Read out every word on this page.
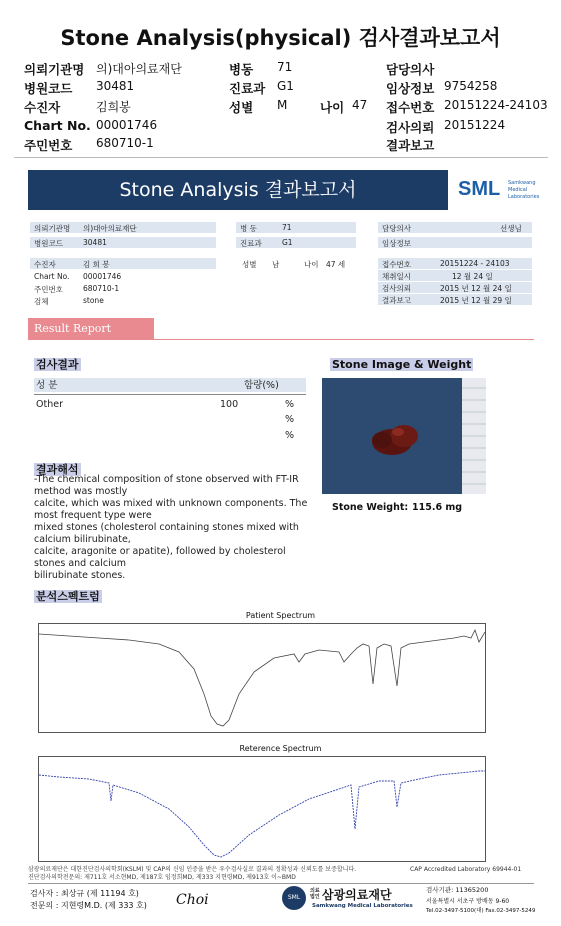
Stone Analysis(physical) 검사결과보고서
의뢰기관명 의)대아의료재단	병동 71	담당의사
병원코드 30481	진료과 G1	임상정보 9754258
수진자	김희봉	성별 M	나이 47 접수번호 20151224-24103
Chart No. 00001746	검사의뢰 20151224
주민번호 680710-1	결과보고
Stone Analysis 결과보고서	SML Samkwang
Medical
Laboratories
의뢰기관명 의)대아의료재단
병원코드	30481
병 동	71
진료과	G1
담당의사	선생님
임상정보
수진자	김 희 봉	성별 남	나이 47 세	접수번호	20151224 - 24103
Chart No. 00001746
주민번호	680710-1
검체	stone
채취일시	12 월 24 일
검사의뢰	2015 년 12 월 24 일
결과보고	2015 년 12 월 29 일
Result Report
검사결과	Stone Image & Weight
성 분	함량(%)
Other	100	%
%
%
Stone Weight: 115.6 mg
결과해석
-The chemical composition of stone observed with FT-IR
method was mostly
calcite, which was mixed with unknown components. The
most frequent type were
mixed stones (cholesterol containing stones mixed with
calcium bilirubinate,
calcite, aragonite or apatite), followed by cholesterol
stones and calcium
bilirubinate stones.
분석스펙트럼
Patient Spectrum
Reterence Spectrum
삼광의료재단은 대한진단검사의학회(KSLM) 및 CAP의 신임 인증을 받은 우수검사실로 결과의 정확성과 신뢰도를 보증합니다.
진단검사의학전문의: 제711호 서소현MD, 제187호 임정희MD, 제333 지현령MD, 제913호 이~BMD
CAP Accredited Laboratory 69944-01
검사자 : 최상규 (제 11194 호)
전문의 : 지현령M.D. (제 333 호) Choi	SML
의료법인 삼광의료재단
Samkwang Medical Laboratories
검사기관: 11365200
서울특별시 서초구 방배동 9-60
Tel.02-3497-5100(대) Fax.02-3497-5249
